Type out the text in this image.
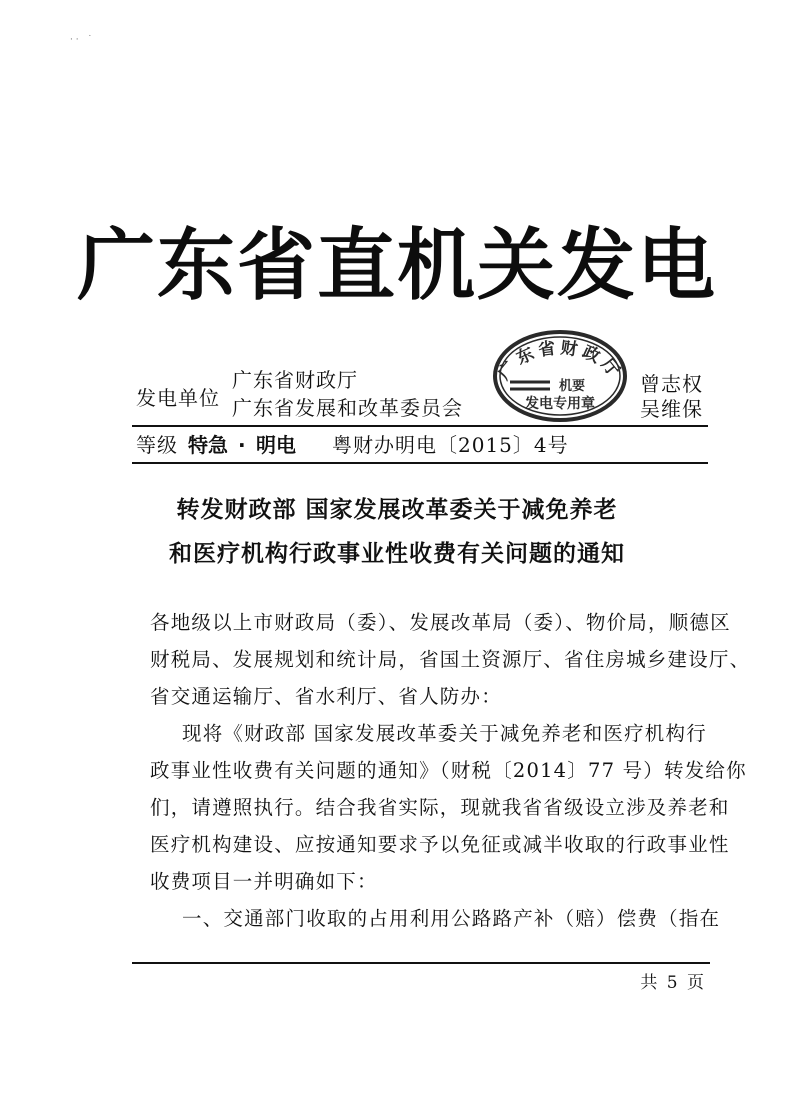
· ·　˙
广东省直机关发电
广东省财政厅
机要
发电专用章
发电单位
广东省财政厅
广东省发展和改革委员会
曾志权
吴维保
等级 特急 · 明电 粤财办明电〔2015〕4号
转发财政部 国家发展改革委关于减免养老
和医疗机构行政事业性收费有关问题的通知

各地级以上市财政局（委）、发展改革局（委）、物价局，顺德区

财税局、发展规划和统计局，省国土资源厅、省住房城乡建设厅、

省交通运输厅、省水利厅、省人防办：

现将《财政部 国家发展改革委关于减免养老和医疗机构行

政事业性收费有关问题的通知》（财税〔2014〕77 号）转发给你

们，请遵照执行。结合我省实际，现就我省省级设立涉及养老和

医疗机构建设、应按通知要求予以免征或减半收取的行政事业性

收费项目一并明确如下：

一、交通部门收取的占用利用公路路产补（赔）偿费（指在

共 5 页
